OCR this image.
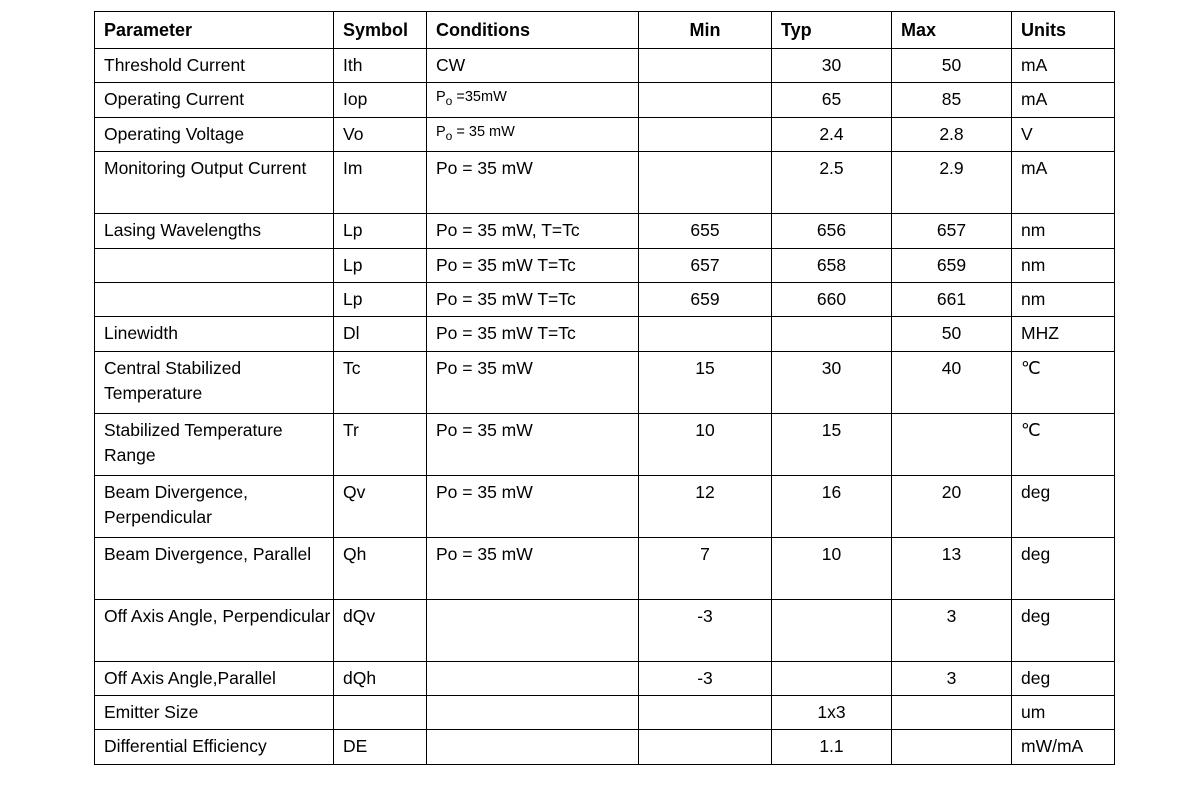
Parameter	Symbol	Conditions	Min	Typ	Max	Units
Threshold Current	Ith	CW		30	50	mA
Operating Current	Iop	$P_o =35mW$		65	85	mA
Operating Voltage	Vo	$P_o = 35$ mW		2.4	2.8	V
Monitoring Output Current	Im	Po = 35 mW		2.5	2.9	mA
Lasing Wavelengths	Lp	Po = 35 mW, T=Tc	655	656	657	nm
	Lp	Po = 35 mW T=Tc	657	658	659	nm
	Lp	Po = 35 mW T=Tc	659	660	661	nm
Linewidth	Dl	Po = 35 mW T=Tc			50	MHZ
Central Stabilized Temperature	Tc	Po = 35 mW	15	30	40	℃
Stabilized Temperature Range	Tr	Po = 35 mW	10	15		℃
Beam Divergence, Perpendicular	Qv	Po = 35 mW	12	16	20	deg
Beam Divergence, Parallel	Qh	Po = 35 mW	7	10	13	deg
Off Axis Angle, Perpendicular	dQv		-3		3	deg
Off Axis Angle,Parallel	dQh		-3		3	deg
Emitter Size				1x3		um
Differential Efficiency	DE			1.1		mW/mA
